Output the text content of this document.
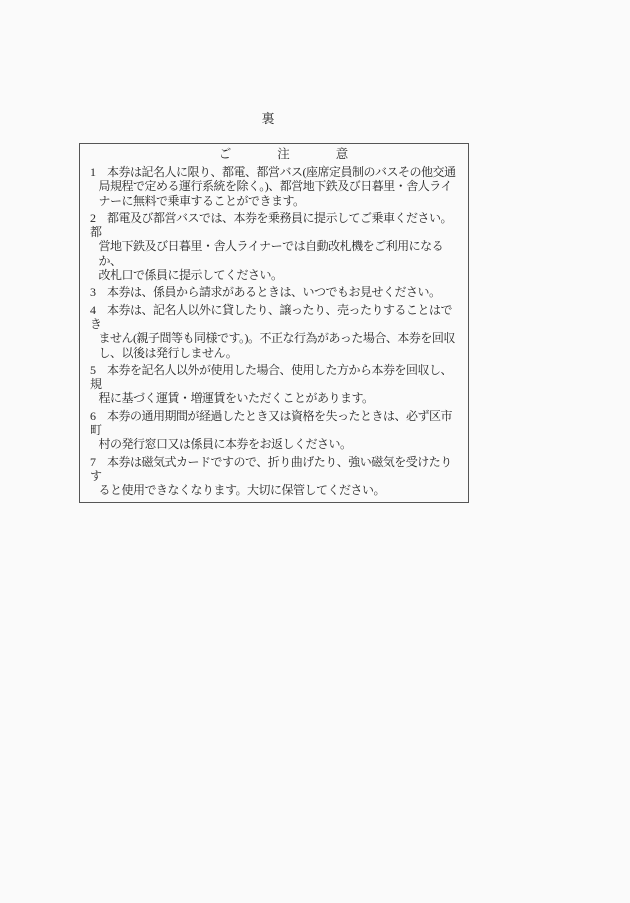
裏
ご　　注　　意

1 本券は記名人に限り、都電、都営バス(座席定員制のバスその他交通
局規程で定める運行系統を除く。)、都営地下鉄及び日暮里・舎人ライ
ナーに無料で乗車することができます。

2 都電及び都営バスでは、本券を乗務員に提示してご乗車ください。都
営地下鉄及び日暮里・舎人ライナーでは自動改札機をご利用になるか、
改札口で係員に提示してください。

3 本券は、係員から請求があるときは、いつでもお見せください。

4 本券は、記名人以外に貸したり、譲ったり、売ったりすることはでき
ません(親子間等も同様です。)。不正な行為があった場合、本券を回収
し、以後は発行しません。

5 本券を記名人以外が使用した場合、使用した方から本券を回収し、規
程に基づく運賃・増運賃をいただくことがあります。

6 本券の通用期間が経過したとき又は資格を失ったときは、必ず区市町
村の発行窓口又は係員に本券をお返しください。

7 本券は磁気式カードですので、折り曲げたり、強い磁気を受けたりす
ると使用できなくなります。大切に保管してください。
